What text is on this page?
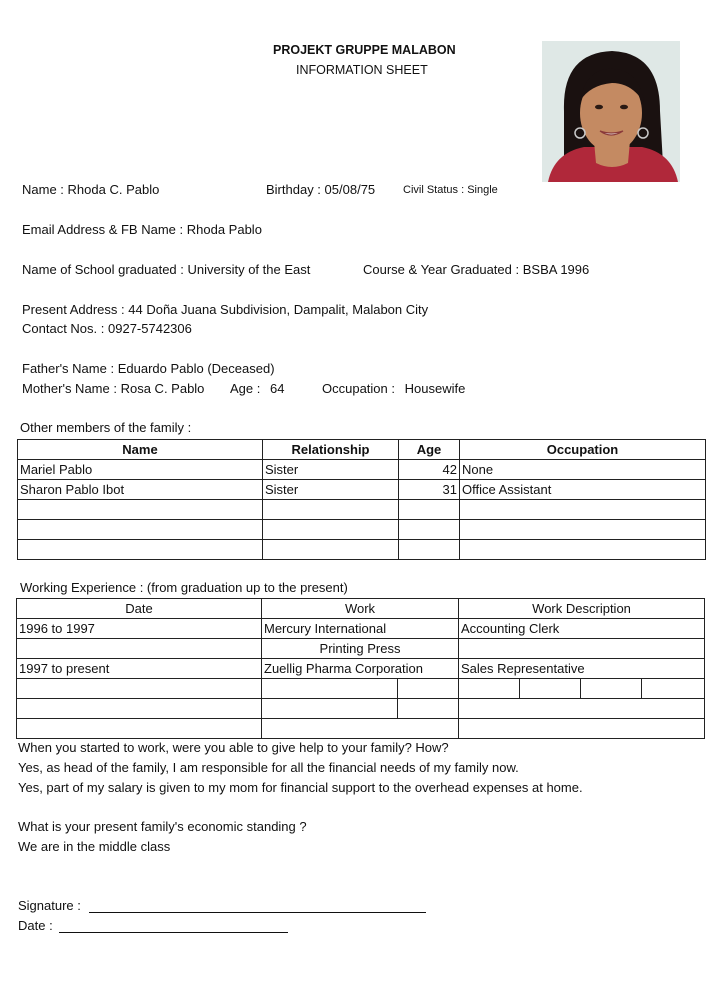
PROJEKT GRUPPE MALABON
INFORMATION SHEET
Name : Rhoda C. Pablo	Birthday : 05/08/75	Civil Status : Single
Email Address & FB Name : Rhoda Pablo
Name of School graduated : University of the East	Course & Year Graduated : BSBA 1996
Present Address : 44 Doña Juana Subdivision, Dampalit, Malabon City
Contact Nos. : 0927-5742306
Father's Name : Eduardo Pablo (Deceased)
Mother's Name : Rosa C. Pablo Age : 64	Occupation : Housewife
Other members of the family :
Name	Relationship	Age	Occupation
Mariel Pablo	Sister	42	None
Sharon Pablo Ibot	Sister	31	Office Assistant

Working Experience : (from graduation up to the present)
Date	Work		Work Description			
1996 to 1997	Mercury International		Accounting Clerk			
	Printing Press					
1997 to present	Zuellig Pharma Corporation		Sales Representative			

When you started to work, were you able to give help to your family? How?
Yes, as head of the family, I am responsible for all the financial needs of my family now.
Yes, part of my salary is given to my mom for financial support to the overhead expenses at home.
What is your present family's economic standing ?
We are in the middle class
Signature :
Date :
